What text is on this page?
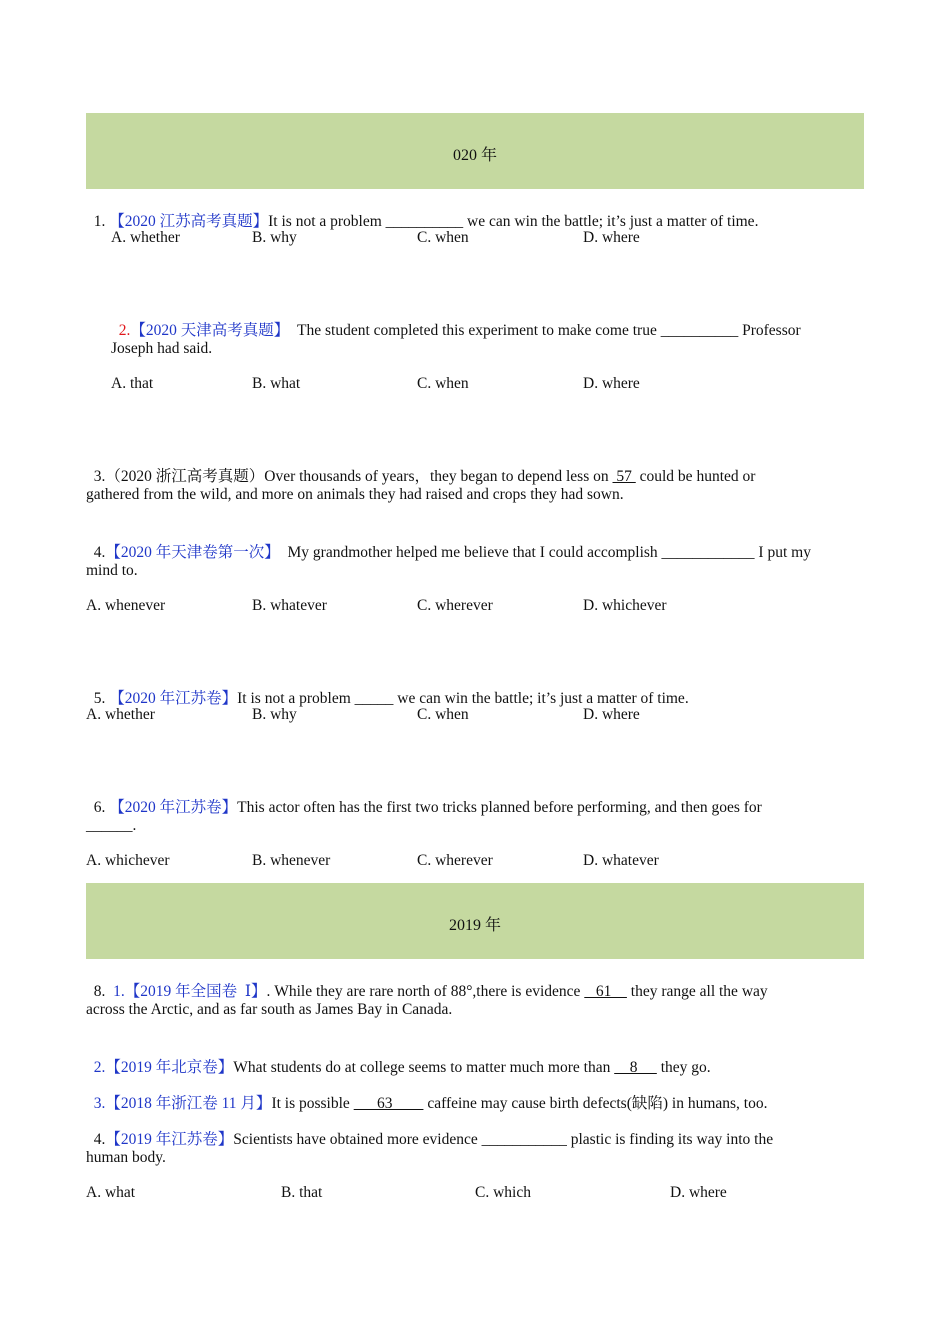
020 年

1. 【2020 江苏高考真题】It is not a problem __________ we can win the battle; it’s just a matter of time.

A. whether	B. why	C. when	D. where

2.【2020 天津高考真题】  The student completed this experiment to make come true __________ Professor

Joseph had said.
A. that	B. what	C. when	D. where

3.（2020 浙江高考真题）Over thousands of years，they began to depend less on  57  could be hunted or

gathered from the wild, and more on animals they had raised and crops they had sown.

4.【2020 年天津卷第一次】  My grandmother helped me believe that I could accomplish ____________ I put my

mind to.
A. whenever	B. whatever	C. wherever	D. whichever

5. 【2020 年江苏卷】It is not a problem _____ we can win the battle; it’s just a matter of time.

A. whether	B. why	C. when	D. where

6. 【2020 年江苏卷】This actor often has the first two tricks planned before performing, and then goes for

______.
A. whichever	B. whenever	C. wherever	D. whatever
2019 年

8.  1.【2019 年全国卷  Ⅰ】. While they are rare north of 88°,there is evidence    61     they range all the way

across the Arctic, and as far south as James Bay in Canada.

2.【2019 年北京卷】What students do at college seems to matter much more than     8      they go.

3.【2018 年浙江卷 11 月】It is possible       63         caffeine may cause birth defects(缺陷) in humans, too.

4.【2019 年江苏卷】Scientists have obtained more evidence ___________ plastic is finding its way into the

human body.
A. what	B. that	C. which	D. where
